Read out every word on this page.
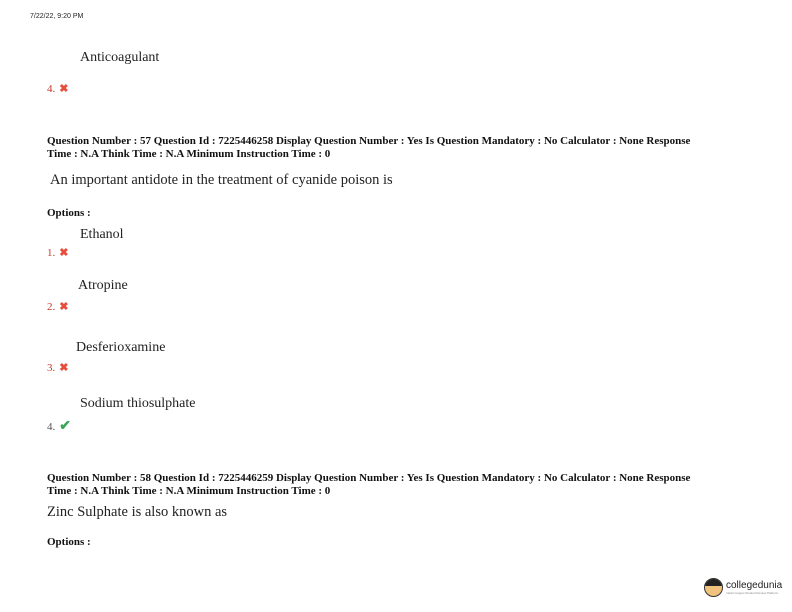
7/22/22, 9:20 PM
Anticoagulant
4. ✖
Question Number : 57 Question Id : 7225446258 Display Question Number : Yes Is Question Mandatory : No Calculator : None Response
Time : N.A Think Time : N.A Minimum Instruction Time : 0
An important antidote in the treatment of cyanide poison is
Options :
Ethanol
1. ✖
Atropine
2. ✖
Desferioxamine
3. ✖
Sodium thiosulphate
4. ✔
Question Number : 58 Question Id : 7225446259 Display Question Number : Yes Is Question Mandatory : No Calculator : None Response
Time : N.A Think Time : N.A Minimum Instruction Time : 0
Zinc Sulphate is also known as
Options :
collegedunia
India's largest Student Review Platform
